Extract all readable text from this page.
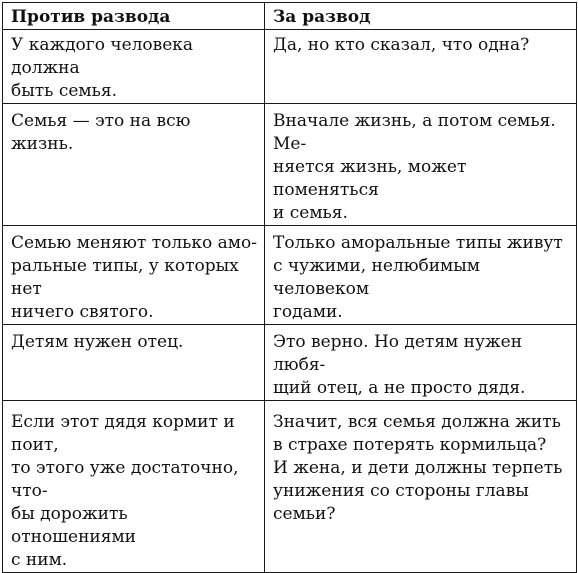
Против развода	За развод

У каждого человека должна
быть семья.	Да, но кто сказал, что одна?

Семья — это на всю жизнь.	Вначале жизнь, а потом семья. Ме-
няется жизнь, может поменяться
и семья.

Семью меняют только амо-
ральные типы, у которых нет
ничего святого.	Только аморальные типы живут
с чужими, нелюбимым человеком
годами.

Детям нужен отец.	Это верно. Но детям нужен любя-
щий отец, а не просто дядя.

Если этот дядя кормит и поит,
то этого уже достаточно, что-
бы дорожить отношениями
с ним.	Значит, вся семья должна жить
в страхе потерять кормильца?
И жена, и дети должны терпеть
унижения со стороны главы семьи?
